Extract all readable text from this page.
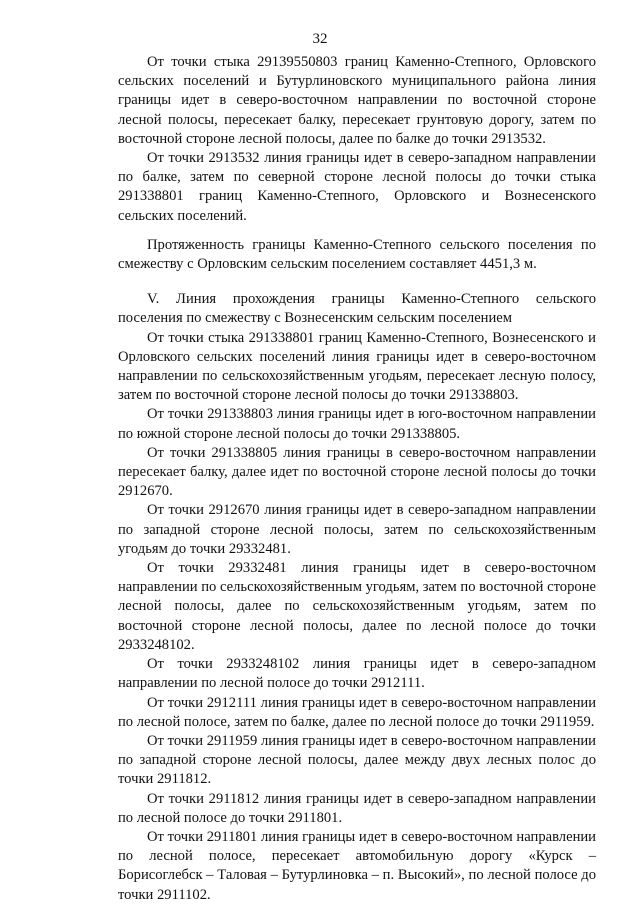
32

От точки стыка 29139550803 границ Каменно-Степного, Орловского сельских поселений и Бутурлиновского муниципального района линия границы идет в северо-восточном направлении по восточной стороне лесной полосы, пересекает балку, пересекает грунтовую дорогу, затем по восточной стороне лесной полосы, далее по балке до точки 2913532.

От точки 2913532 линия границы идет в северо-западном направлении по балке, затем по северной стороне лесной полосы до точки стыка 291338801 границ Каменно-Степного, Орловского и Вознесенского сельских поселений.

Протяженность границы Каменно-Степного сельского поселения по смежеству с Орловским сельским поселением составляет 4451,3 м.

V. Линия прохождения границы Каменно-Степного сельского поселения по смежеству с Вознесенским сельским поселением

От точки стыка 291338801 границ Каменно-Степного, Вознесенского и Орловского сельских поселений линия границы идет в северо-восточном направлении по сельскохозяйственным угодьям, пересекает лесную полосу, затем по восточной стороне лесной полосы до точки 291338803.

От точки 291338803 линия границы идет в юго-восточном направлении по южной стороне лесной полосы до точки 291338805.

От точки 291338805 линия границы в северо-восточном направлении пересекает балку, далее идет по восточной стороне лесной полосы до точки 2912670.

От точки 2912670 линия границы идет в северо-западном направлении по западной стороне лесной полосы, затем по сельскохозяйственным угодьям до точки 29332481.

От точки 29332481 линия границы идет в северо-восточном направлении по сельскохозяйственным угодьям, затем по восточной стороне лесной полосы, далее по сельскохозяйственным угодьям, затем по восточной стороне лесной полосы, далее по лесной полосе до точки 2933248102.

От точки 2933248102 линия границы идет в северо-западном направлении по лесной полосе до точки 2912111.

От точки 2912111 линия границы идет в северо-восточном направлении по лесной полосе, затем по балке, далее по лесной полосе до точки 2911959.

От точки 2911959 линия границы идет в северо-восточном направлении по западной стороне лесной полосы, далее между двух лесных полос до точки 2911812.

От точки 2911812 линия границы идет в северо-западном направлении по лесной полосе до точки 2911801.

От точки 2911801 линия границы идет в северо-восточном направлении по лесной полосе, пересекает автомобильную дорогу «Курск – Борисоглебск – Таловая – Бутурлиновка – п. Высокий», по лесной полосе до точки 2911102.
